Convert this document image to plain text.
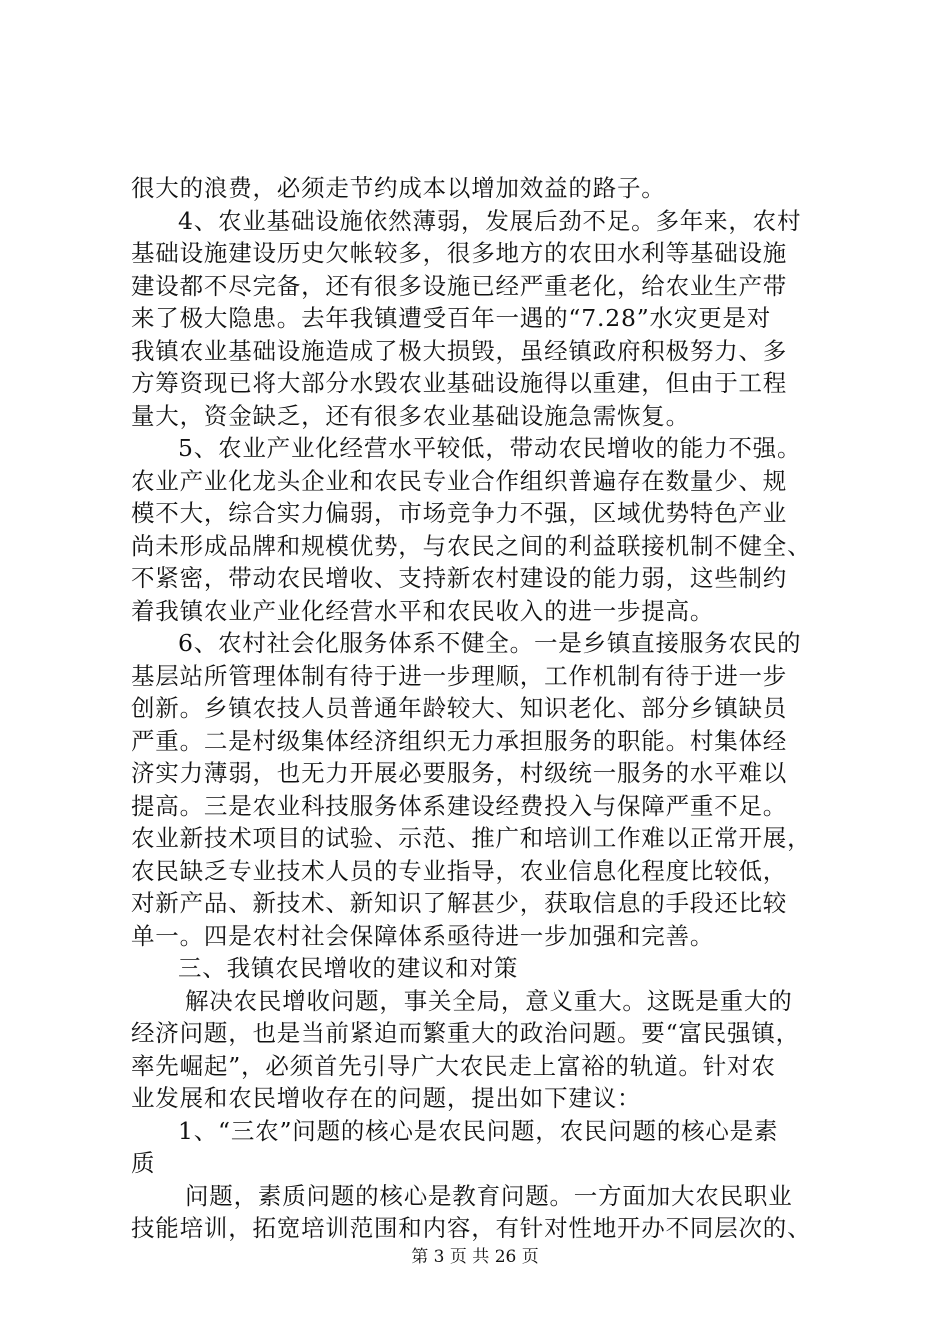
很大的浪费，必须走节约成本以增加效益的路子。
4、农业基础设施依然薄弱，发展后劲不足。多年来，农村
基础设施建设历史欠帐较多，很多地方的农田水利等基础设施
建设都不尽完备，还有很多设施已经严重老化，给农业生产带
来了极大隐患。去年我镇遭受百年一遇的“7.28”水灾更是对
我镇农业基础设施造成了极大损毁，虽经镇政府积极努力、多
方筹资现已将大部分水毁农业基础设施得以重建，但由于工程
量大，资金缺乏，还有很多农业基础设施急需恢复。
5、农业产业化经营水平较低，带动农民增收的能力不强。
农业产业化龙头企业和农民专业合作组织普遍存在数量少、规
模不大，综合实力偏弱，市场竞争力不强，区域优势特色产业
尚未形成品牌和规模优势，与农民之间的利益联接机制不健全、
不紧密，带动农民增收、支持新农村建设的能力弱，这些制约
着我镇农业产业化经营水平和农民收入的进一步提高。
6、农村社会化服务体系不健全。一是乡镇直接服务农民的
基层站所管理体制有待于进一步理顺，工作机制有待于进一步
创新。乡镇农技人员普通年龄较大、知识老化、部分乡镇缺员
严重。二是村级集体经济组织无力承担服务的职能。村集体经
济实力薄弱，也无力开展必要服务，村级统一服务的水平难以
提高。三是农业科技服务体系建设经费投入与保障严重不足。
农业新技术项目的试验、示范、推广和培训工作难以正常开展，
农民缺乏专业技术人员的专业指导，农业信息化程度比较低，
对新产品、新技术、新知识了解甚少，获取信息的手段还比较
单一。四是农村社会保障体系亟待进一步加强和完善。
三、我镇农民增收的建议和对策
解决农民增收问题，事关全局，意义重大。这既是重大的
经济问题，也是当前紧迫而繁重大的政治问题。要“富民强镇，
率先崛起”，必须首先引导广大农民走上富裕的轨道。针对农
业发展和农民增收存在的问题，提出如下建议：
1、“三农”问题的核心是农民问题，农民问题的核心是素
质
问题，素质问题的核心是教育问题。一方面加大农民职业
技能培训，拓宽培训范围和内容，有针对性地开办不同层次的、
第 3 页 共 26 页
